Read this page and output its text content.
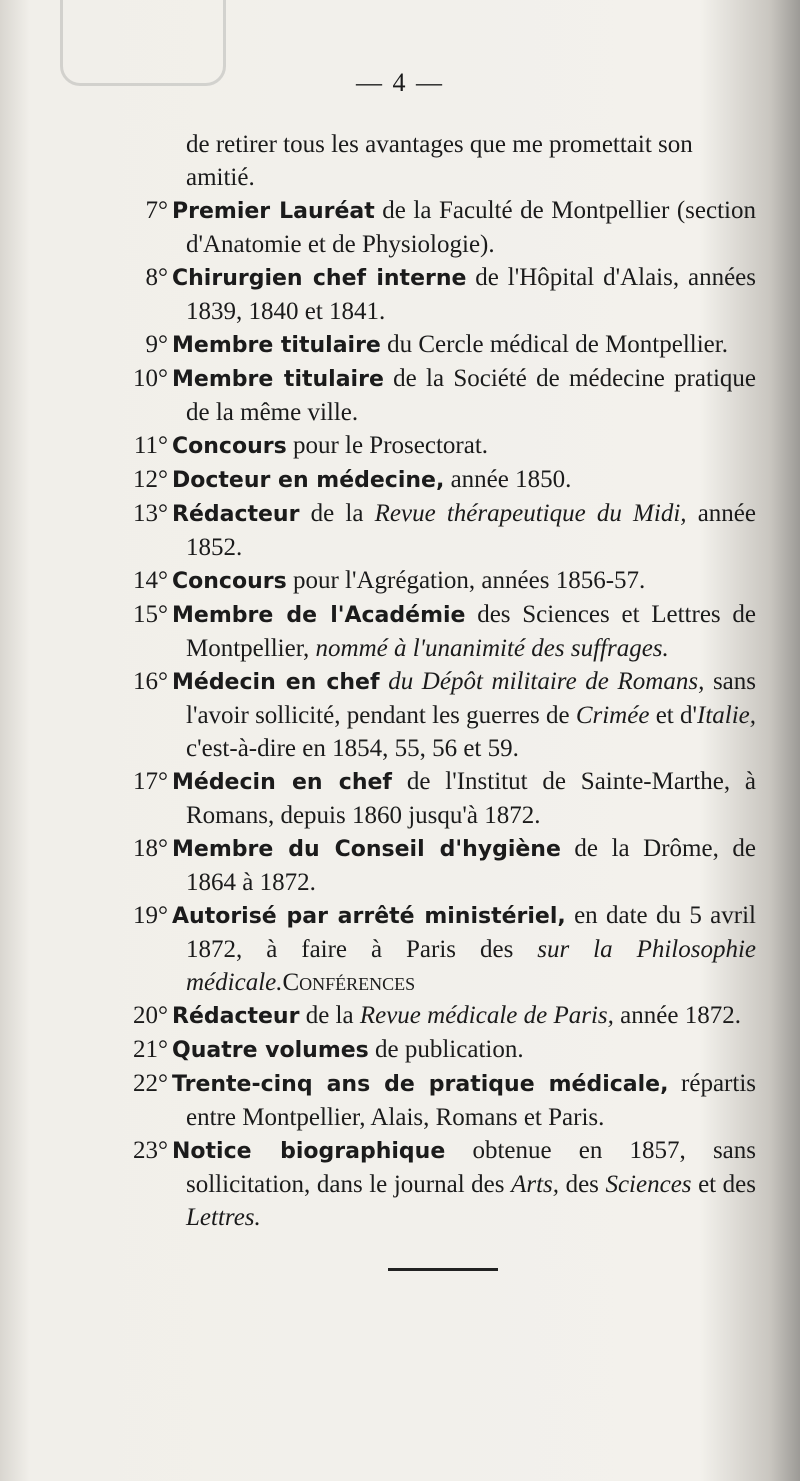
— 4 —
de retirer tous les avantages que me promettait son
amitié.
7° Premier Lauréat de la Faculté de Montpellier (section d'Anatomie et de Physiologie).
8° Chirurgien chef interne de l'Hôpital d'Alais, années 1839, 1840 et 1841.
9° Membre titulaire du Cercle médical de Montpellier.
10° Membre titulaire de la Société de médecine pratique de la même ville.
11° Concours pour le Prosectorat.
12° Docteur en médecine, année 1850.
13° Rédacteur de la Revue thérapeutique du Midi, année 1852.
14° Concours pour l'Agrégation, années 1856-57.
15° Membre de l'Académie des Sciences et Lettres de Montpellier, nommé à l'unanimité des suffrages.
16° Médecin en chef du Dépôt militaire de Romans, sans l'avoir sollicité, pendant les guerres de Crimée et d'Italie, c'est-à-dire en 1854, 55, 56 et 59.
17° Médecin en chef de l'Institut de Sainte-Marthe, à Romans, depuis 1860 jusqu'à 1872.
18° Membre du Conseil d'hygiène de la Drôme, de 1864 à 1872.
19° Autorisé par arrêté ministériel, en date du 5 avril 1872, à faire à Paris des sur la Philosophie médicale.Conférences
20° Rédacteur de la Revue médicale de Paris, année 1872.
21° Quatre volumes de publication.
22° Trente-cinq ans de pratique médicale, répartis entre Montpellier, Alais, Romans et Paris.
23° Notice biographique obtenue en 1857, sans sollicitation, dans le journal des Arts, des Sciences et des Lettres.
